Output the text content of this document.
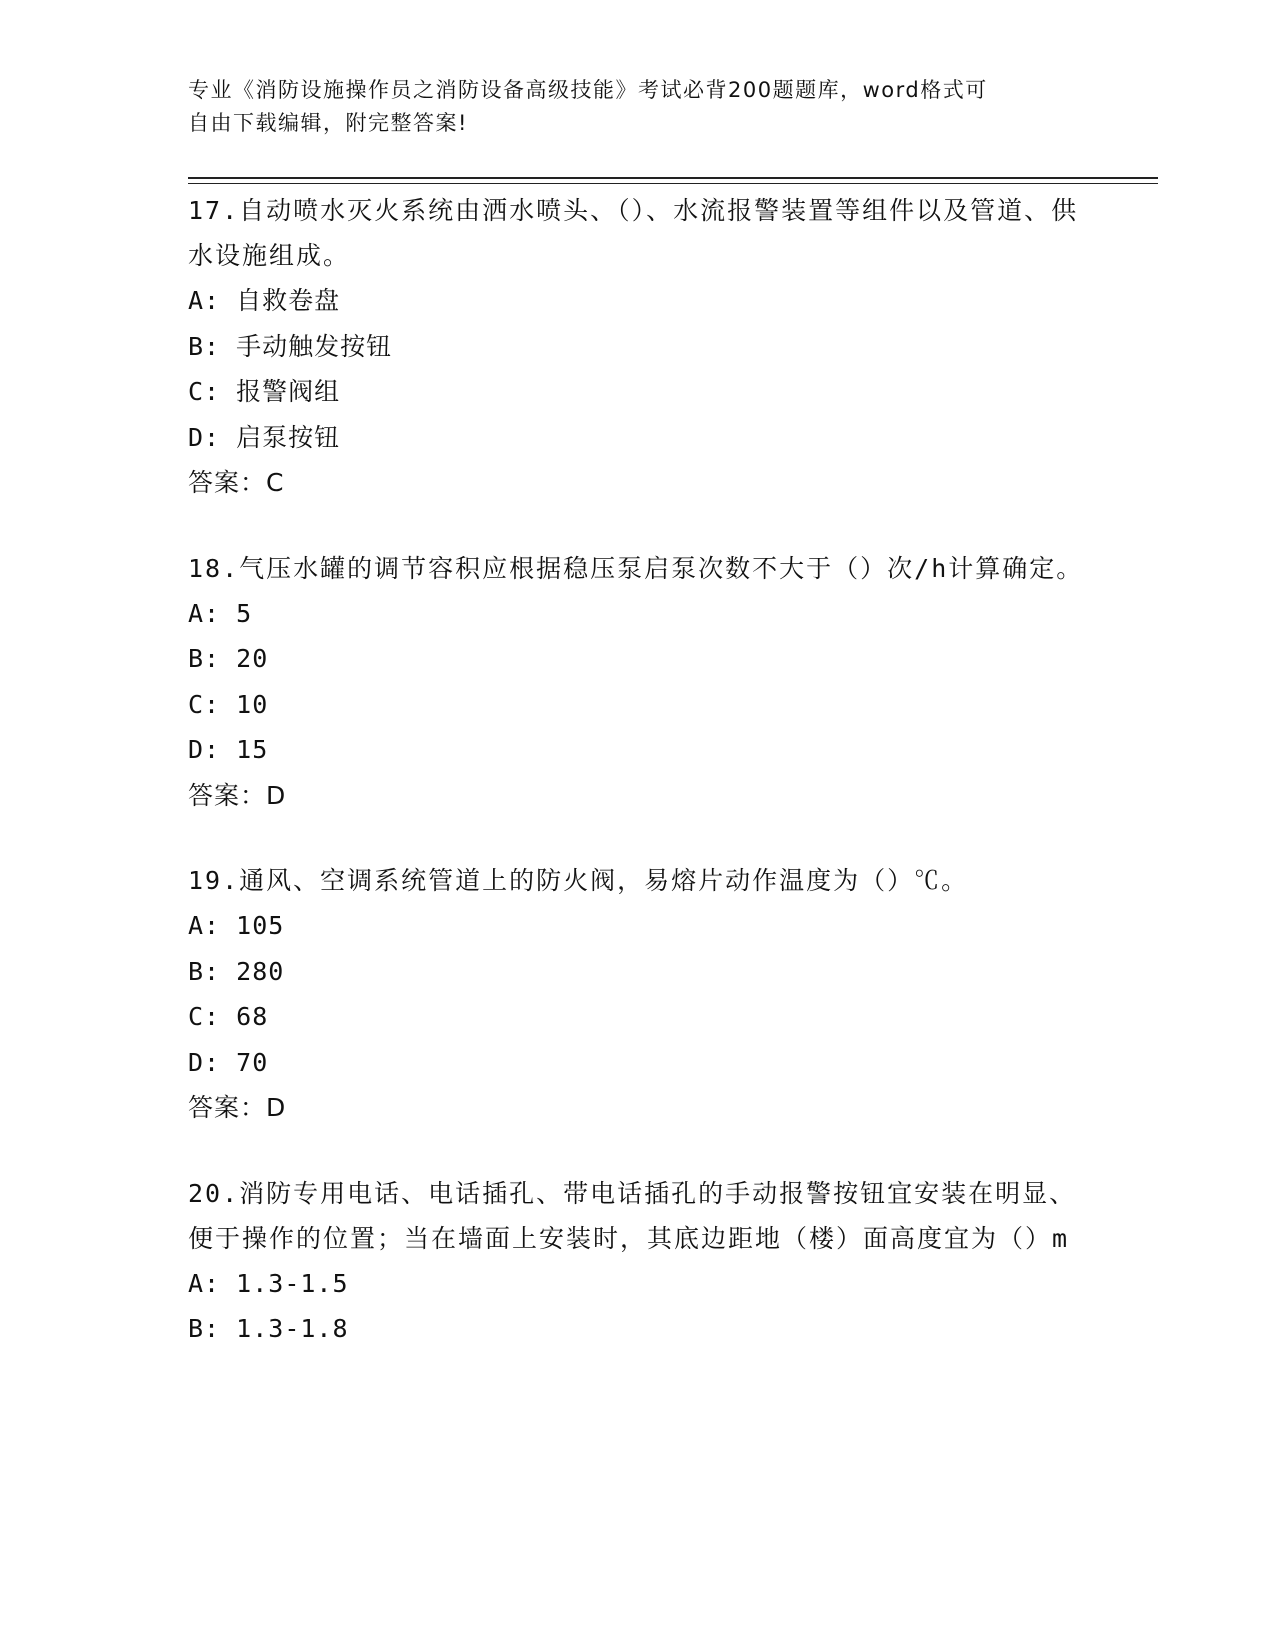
专业《消防设施操作员之消防设备高级技能》考试必背200题题库，word格式可
自由下载编辑，附完整答案!
17.自动喷水灭火系统由洒水喷头、（）、水流报警装置等组件以及管道、供水设施组成。
A: 自救卷盘
B: 手动触发按钮
C: 报警阀组
D: 启泵按钮
答案：C
18.气压水罐的调节容积应根据稳压泵启泵次数不大于（）次/h计算确定。
A: 5
B: 20
C: 10
D: 15
答案：D
19.通风、空调系统管道上的防火阀，易熔片动作温度为（）℃。
A: 105
B: 280
C: 68
D: 70
答案：D
20.消防专用电话、电话插孔、带电话插孔的手动报警按钮宜安装在明显、便于操作的位置；当在墙面上安装时，其底边距地（楼）面高度宜为（）m
A: 1.3-1.5
B: 1.3-1.8
